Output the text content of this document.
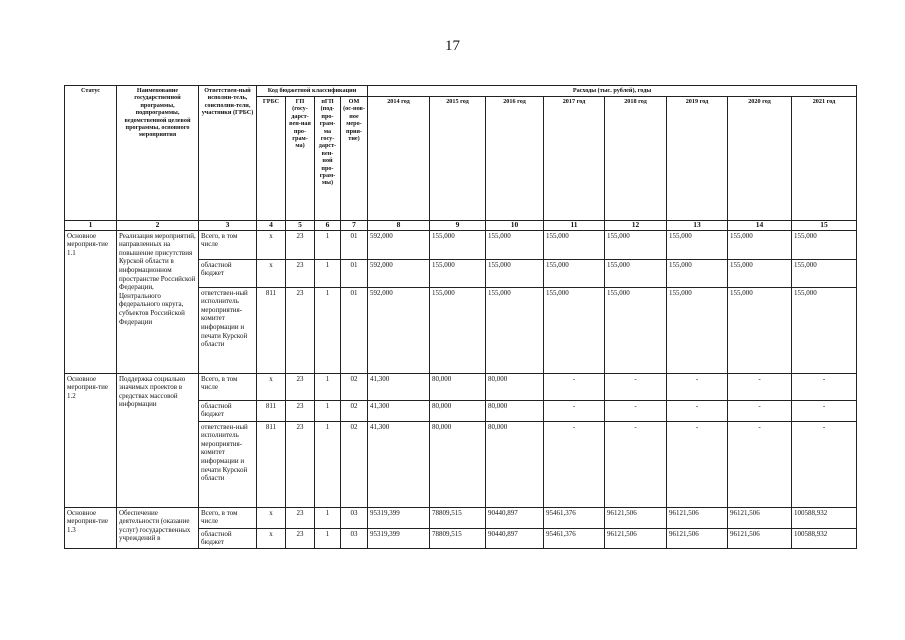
17
Статус	Наименование государственной программы, подпрограммы, ведомственной целевой программы, основного мероприятия	Ответствен-ный исполни-тель, соисполни-тели, участники (ГРБС)	Код бюджетной классификации				Расходы (тыс. рублей), годы							
			ГРБС	ГП (госу-дарст-вен-ная про-грам-ма)	пГП (под-про-грам-ма госу-дарст-вен-ной про-грам-мы)	ОМ (ос-нов-ное меро-прия-тие)	2014 год	2015 год	2016 год	2017 год	2018 год	2019 год	2020 год	2021 год
1	2	3	4	5	6	7	8	9	10	11	12	13	14	15
Основное мероприя-тие 1.1	Реализация мероприятий, направленных на повышение присутствия Курской области в информационном пространстве Российской Федерации, Центрального федерального округа, субъектов Российской Федерации	Всего, в том числе	х	23	1	01	592,000	155,000	155,000	155,000	155,000	155,000	155,000	155,000
		областной бюджет	х	23	1	01	592,000	155,000	155,000	155,000	155,000	155,000	155,000	155,000
		ответствен-ный исполнитель мероприятия-комитет информации и печати Курской области	811	23	1	01	592,000	155,000	155,000	155,000	155,000	155,000	155,000	155,000
Основное мероприя-тие 1.2	Поддержка социально значимых проектов в средствах массовой информации	Всего, в том числе	х	23	1	02	41,300	80,000	80,000	-	-	-	-	-
		областной бюджет	811	23	1	02	41,300	80,000	80,000	-	-	-	-	-
		ответствен-ный исполнитель мероприятия-комитет информации и печати Курской области	811	23	1	02	41,300	80,000	80,000	-	-	-	-	-
Основное мероприя-тие 1.3	Обеспечение деятельности (оказание услуг) государственных учреждений в	Всего, в том числе	х	23	1	03	95319,399	78809,515	90440,897	95461,376	96121,506	96121,506	96121,506	100588,932
		областной бюджет	х	23	1	03	95319,399	78809,515	90440,897	95461,376	96121,506	96121,506	96121,506	100588,932
